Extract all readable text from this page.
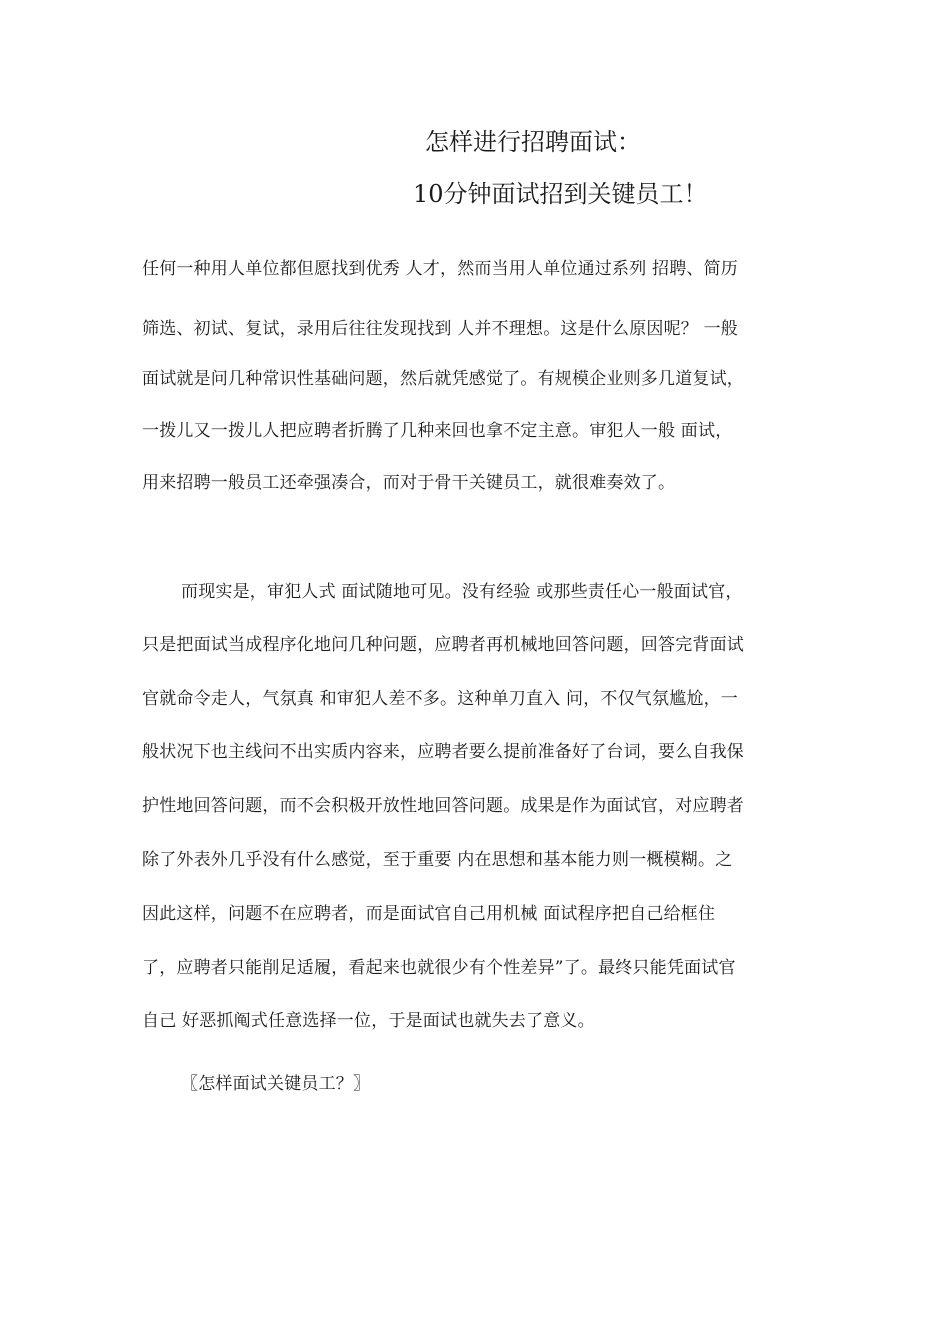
怎样进行招聘面试：
10分钟面试招到关键员工！
任何一种用人单位都但愿找到优秀 人才，然而当用人单位通过系列 招聘、简历
筛选、初试、复试，录用后往往发现找到 人并不理想。这是什么原因呢？ 一般
面试就是问几种常识性基础问题，然后就凭感觉了。有规模企业则多几道复试，
一拨儿又一拨儿人把应聘者折腾了几种来回也拿不定主意。审犯人一般 面试，
用来招聘一般员工还牵强凑合，而对于骨干关键员工，就很难奏效了。
而现实是，审犯人式 面试随地可见。没有经验 或那些责任心一般面试官，
只是把面试当成程序化地问几种问题，应聘者再机械地回答问题，回答完背面试
官就命令走人，气氛真 和审犯人差不多。这种单刀直入 问，不仅气氛尴尬，一
般状况下也主线问不出实质内容来，应聘者要么提前准备好了台词，要么自我保
护性地回答问题，而不会积极开放性地回答问题。成果是作为面试官，对应聘者
除了外表外几乎没有什么感觉，至于重要 内在思想和基本能力则一概模糊。之
因此这样，问题不在应聘者，而是面试官自己用机械 面试程序把自己给框住
了，应聘者只能削足适履，看起来也就很少有个性差异”了。最终只能凭面试官
自己 好恶抓阄式任意选择一位，于是面试也就失去了意义。
〖怎样面试关键员工？〗
